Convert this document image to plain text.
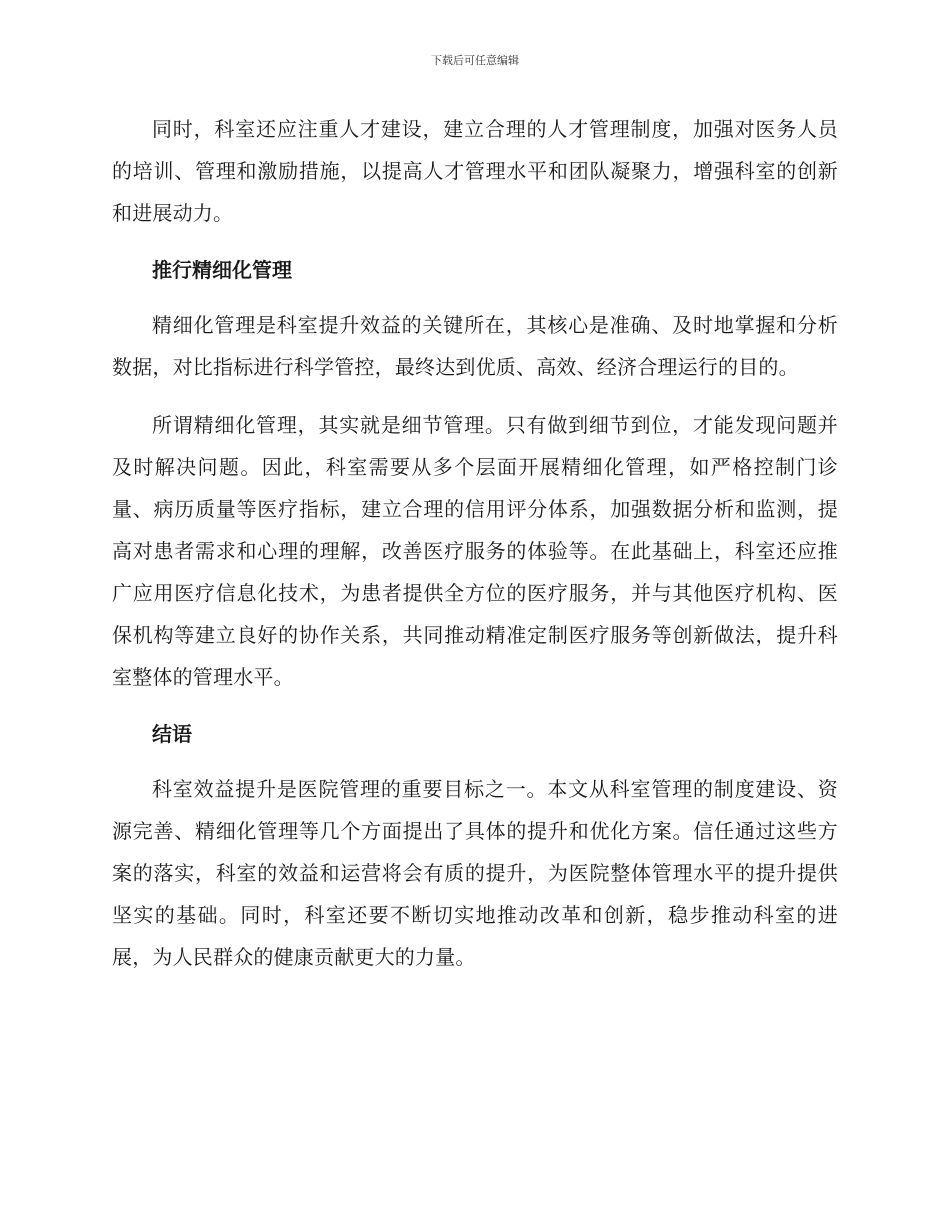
下载后可任意编辑

同时，科室还应注重人才建设，建立合理的人才管理制度，加强对医务人员的培训、管理和激励措施，以提高人才管理水平和团队凝聚力，增强科室的创新和进展动力。

推行精细化管理

精细化管理是科室提升效益的关键所在，其核心是准确、及时地掌握和分析数据，对比指标进行科学管控，最终达到优质、高效、经济合理运行的目的。

所谓精细化管理，其实就是细节管理。只有做到细节到位，才能发现问题并及时解决问题。因此，科室需要从多个层面开展精细化管理，如严格控制门诊量、病历质量等医疗指标，建立合理的信用评分体系，加强数据分析和监测，提高对患者需求和心理的理解，改善医疗服务的体验等。在此基础上，科室还应推广应用医疗信息化技术，为患者提供全方位的医疗服务，并与其他医疗机构、医保机构等建立良好的协作关系，共同推动精准定制医疗服务等创新做法，提升科室整体的管理水平。

结语

科室效益提升是医院管理的重要目标之一。本文从科室管理的制度建设、资源完善、精细化管理等几个方面提出了具体的提升和优化方案。信任通过这些方案的落实，科室的效益和运营将会有质的提升，为医院整体管理水平的提升提供坚实的基础。同时，科室还要不断切实地推动改革和创新，稳步推动科室的进展，为人民群众的健康贡献更大的力量。
